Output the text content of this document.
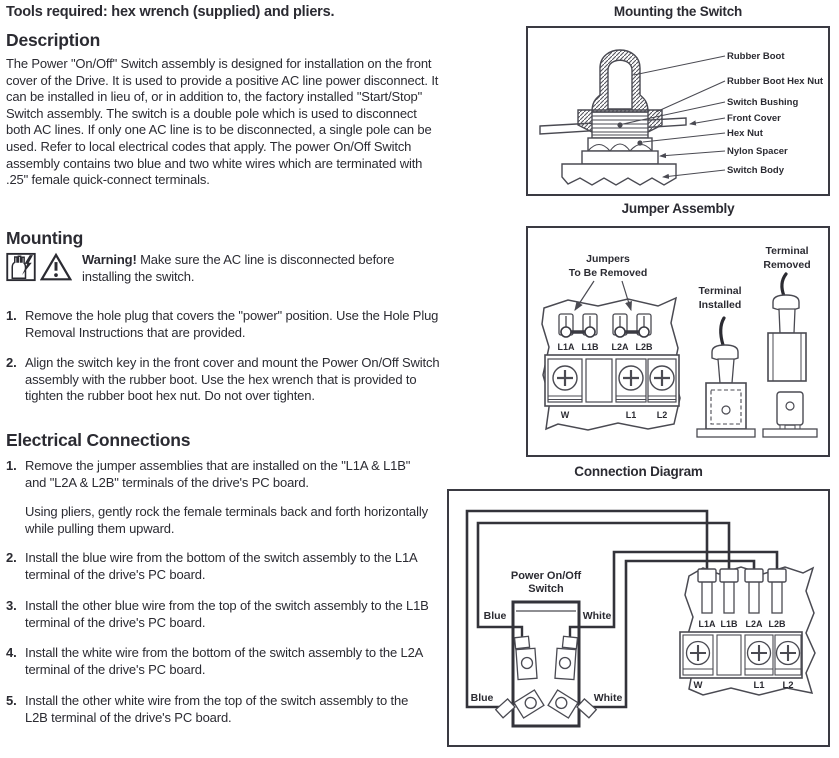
Tools required: hex wrench (supplied) and pliers.
Description
The Power "On/Off" Switch assembly is designed for installation on the front cover of the Drive. It is used to provide a positive AC line power disconnect. It can be installed in lieu of, or in addition to, the factory installed "Start/Stop" Switch assembly. The switch is a double pole which is used to disconnect both AC lines. If only one AC line is to be disconnected, a single pole can be used. Refer to local electrical codes that apply. The power On/Off Switch assembly contains two blue and two white wires which are terminated with .25" female quick-connect terminals.
Mounting
Warning! Make sure the AC line is disconnected before installing the switch.
1. Remove the hole plug that covers the "power" position. Use the Hole Plug Removal Instructions that are provided.
2. Align the switch key in the front cover and mount the Power On/Off Switch assembly with the rubber boot. Use the hex wrench that is provided to tighten the rubber boot hex nut. Do not over tighten.
Electrical Connections
1. Remove the jumper assemblies that are installed on the "L1A & L1B" and "L2A & L2B" terminals of the drive's PC board.
Using pliers, gently rock the female terminals back and forth horizontally while pulling them upward.
2. Install the blue wire from the bottom of the switch assembly to the L1A terminal of the drive's PC board.
3. Install the other blue wire from the top of the switch assembly to the L1B terminal of the drive's PC board.
4. Install the white wire from the bottom of the switch assembly to the L2A terminal of the drive's PC board.
5. Install the other white wire from the top of the switch assembly to the L2B terminal of the drive's PC board.
Mounting the Switch
Rubber Boot
Rubber Boot Hex Nut
Switch Bushing
Front Cover
Hex Nut
Nylon Spacer
Switch Body
Jumper Assembly
L1A L1B L2A L2B
W	L1 L2
Jumpers
To Be Removed
Terminal
Installed
Terminal
Removed
Connection Diagram
L1A L1B L2A L2B
W	L1 L2
Power On/Off
Switch
Blue	White
Blue	White
